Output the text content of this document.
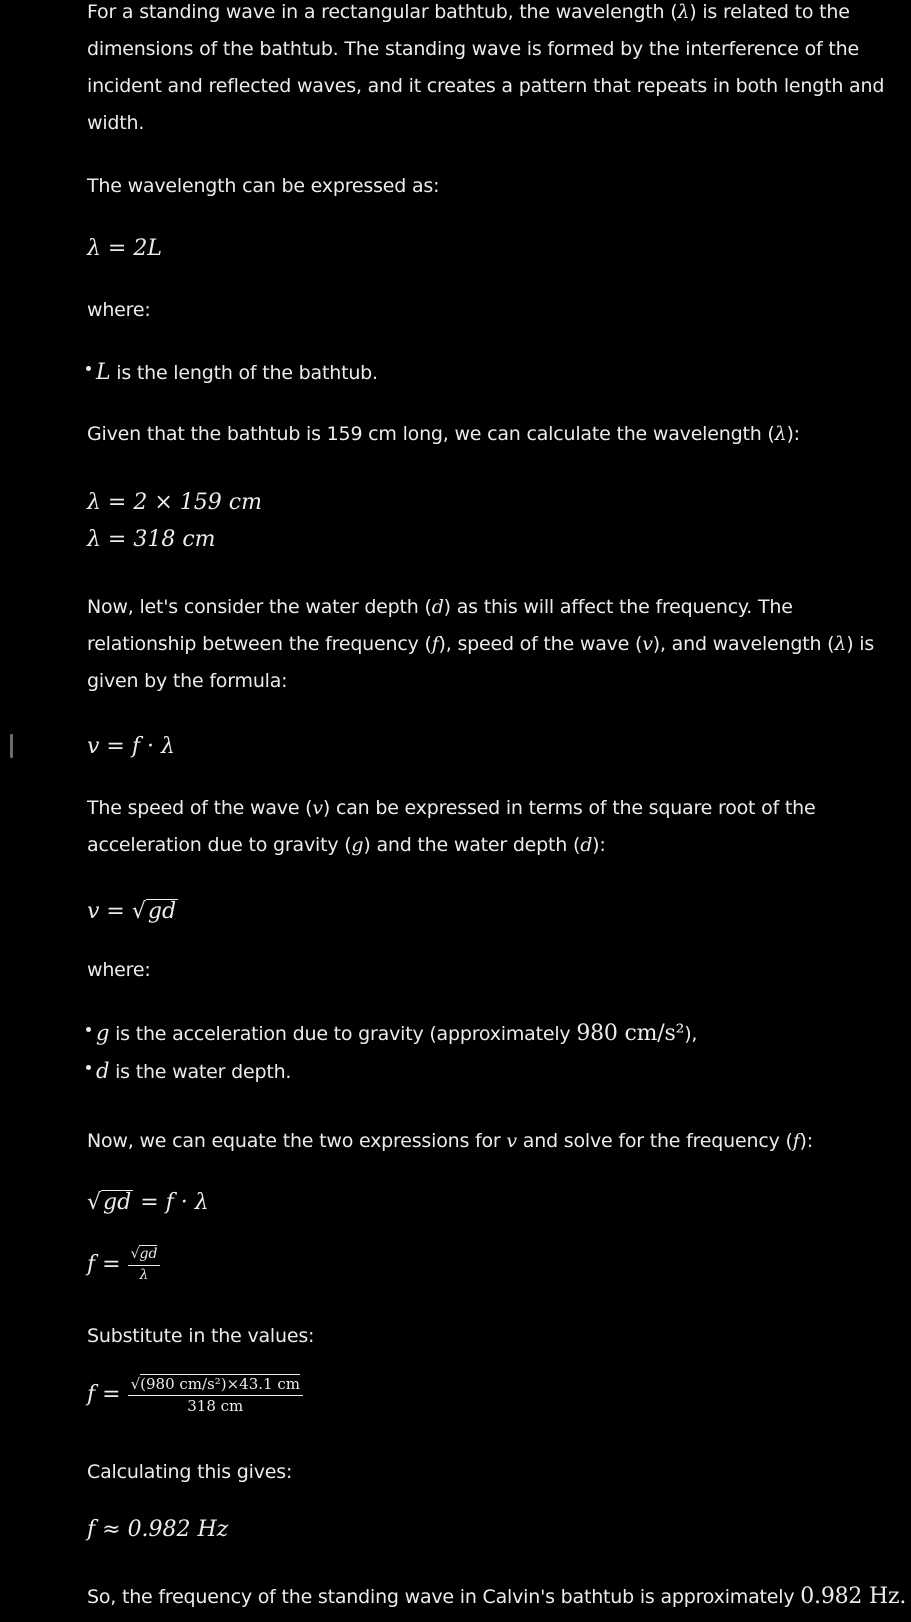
For a standing wave in a rectangular bathtub, the wavelength (λ) is related to the

dimensions of the bathtub. The standing wave is formed by the interference of the

incident and reflected waves, and it creates a pattern that repeats in both length and

width.

The wavelength can be expressed as:

λ = 2L

where:

L is the length of the bathtub.

Given that the bathtub is 159 cm long, we can calculate the wavelength (λ):

λ = 2 × 159 cm

λ = 318 cm

Now, let's consider the water depth (d) as this will affect the frequency. The

relationship between the frequency (f), speed of the wave (v), and wavelength (λ) is

given by the formula:

v = f · λ

The speed of the wave (v) can be expressed in terms of the square root of the

acceleration due to gravity (g) and the water depth (d):

v = √gd

where:

g is the acceleration due to gravity (approximately 980 cm/s²),
d is the water depth.

Now, we can equate the two expressions for v and solve for the frequency (f):

√gd = f · λ

$f = \frac{√gd}{\lambda}$

Substitute in the values:

$f = \frac{\text{√(980 cm/s²)×43.1 cm}}{318 cm}$

Calculating this gives:

f ≈ 0.982 Hz

So, the frequency of the standing wave in Calvin's bathtub is approximately 0.982 Hz.
